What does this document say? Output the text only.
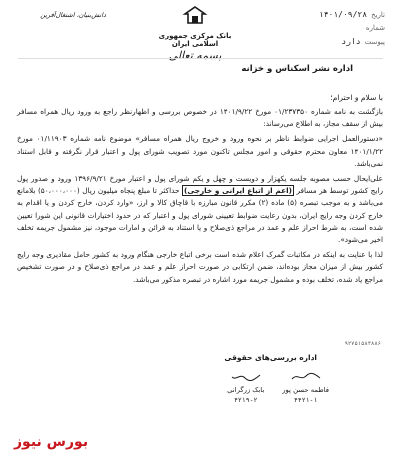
تاریخ
۱۴۰۱/۰۹/۲۸
شماره
پیوست
دارد
بانک مرکزی جمهوری اسلامی ایران
بسمه تعالی
دانش‌بنیان، اشتغال‌آفرین
اداره نشر اسکناس و خزانه
با سلام و احترام؛

بازگشت به نامه شماره ۰۱/۲۳۷۳۵۰ مورخ ۱۴۰۱/۹/۲۲ در خصوص بررسی و اظهارنظر راجع به ورود ریال همراه مسافر بیش از سقف مجاز، به اطلاع می‌رساند:

«دستورالعمل اجرایی ضوابط ناظر بر نحوه ورود و خروج ریال همراه مسافر» موضوع نامه شماره ۰۱/۱۱۹۰۳ مورخ ۱۴۰۱/۱/۲۲ معاون محترم حقوقی و امور مجلس تاکنون مورد تصویب شورای پول و اعتبار قرار نگرفته و قابل استناد نمی‌باشد.

علی‌ایحال حسب مصوبه جلسه یکهزار و دویست و چهل و یکم شورای پول و اعتبار مورخ ۱۳۹۶/۹/۲۱ ورود و صدور پول رایج کشور توسط هر مسافر (اعم از اتباع ایرانی و خارجی) حداکثر تا مبلغ پنجاه میلیون ریال (۵۰،۰۰۰،۰۰۰) بلامانع می‌باشد و به موجب تبصره (۵) ماده (۲) مکرر قانون مبارزه با قاچاق کالا و ارز، «وارد کردن، خارج کردن و یا اقدام به خارج کردن وجه رایج ایران، بدون رعایت ضوابط تعیینی شورای پول و اعتبار که در حدود اختیارات قانونی این شورا تعیین شده است، به شرط احراز علم و عمد در مراجع ذی‌صلاح و یا استناد به قرائن و امارات موجود، نیز مشمول جریمه تخلف اخیر می‌شود».

لذا با عنایت به اینکه در مکاتبات گمرک اعلام شده است برخی اتباع خارجی هنگام ورود به کشور حامل مقادیری وجه رایج کشور بیش از میزان مجاز بوده‌اند، ضمن ارتکابی در صورت احراز علم و عمد در مراجع ذی‌صلاح و در صورت تشخیص مراجع یاد شده، تخلف بوده و مشمول جریمه مورد اشاره در تبصره مذکور می‌باشد.

۹۲۷۵۱۵۸۴۸۸۶
اداره بررسی‌های حقوقی
فاطمه حسن پور
۴۴۲۱-۱
بابک زرگرانی
۴۲۱۹-۲
بورس نیوز
